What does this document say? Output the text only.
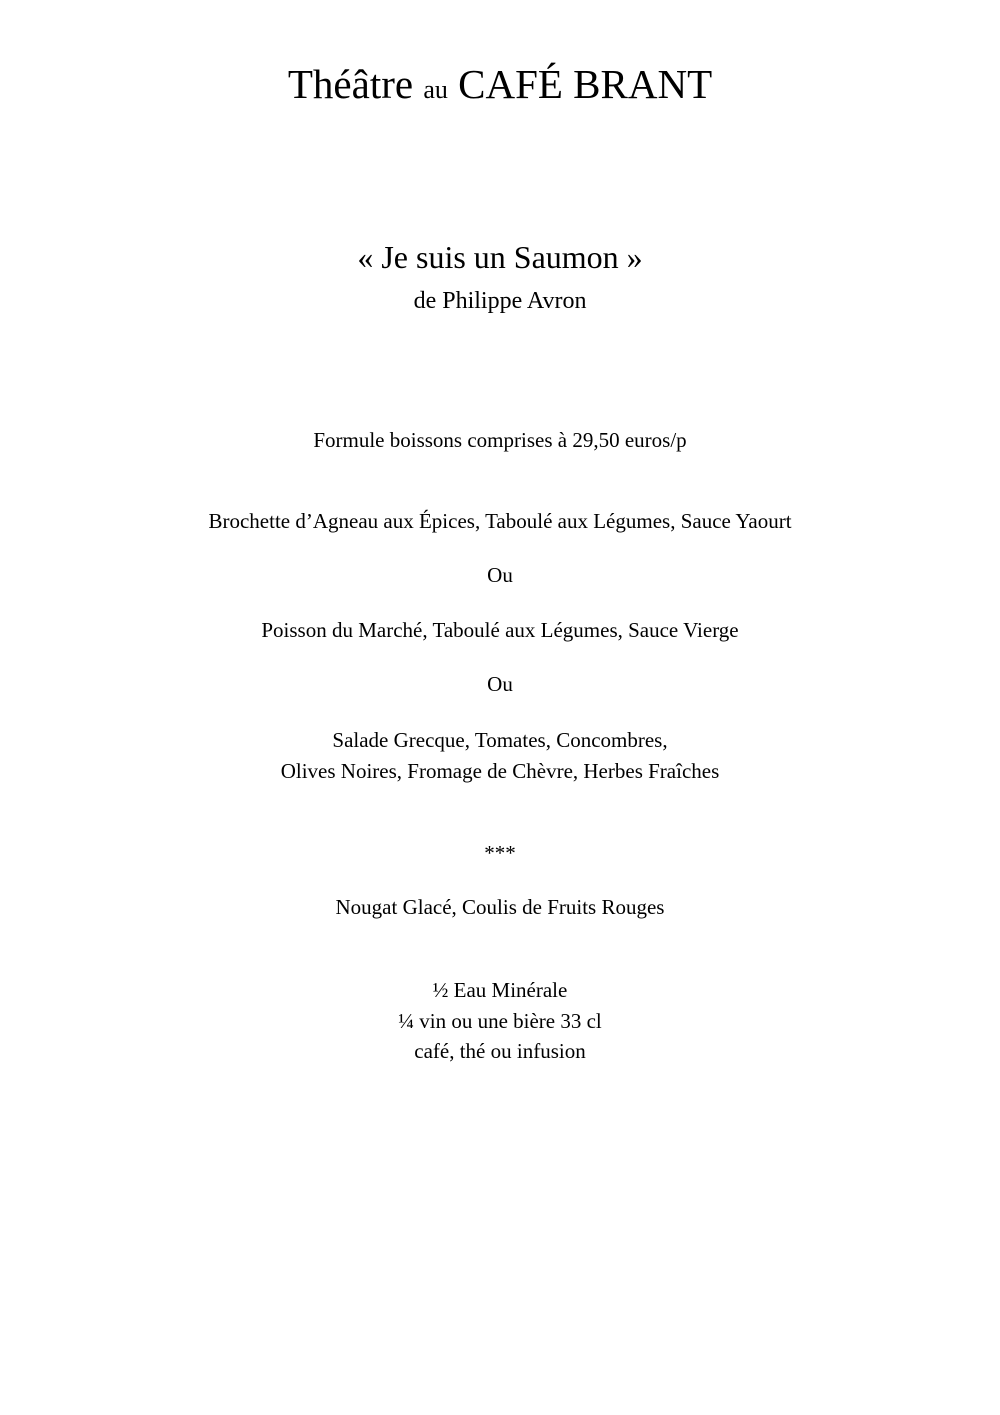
Théâtre au CAFÉ BRANT
« Je suis un Saumon »
de Philippe Avron
Formule boissons comprises à 29,50 euros/p
Brochette d’Agneau aux Épices, Taboulé aux Légumes, Sauce Yaourt
Ou
Poisson du Marché, Taboulé aux Légumes, Sauce Vierge
Ou
Salade Grecque, Tomates, Concombres,
Olives Noires, Fromage de Chèvre, Herbes Fraîches
***
Nougat Glacé, Coulis de Fruits Rouges
½ Eau Minérale
¼ vin ou une bière 33 cl
café, thé ou infusion
